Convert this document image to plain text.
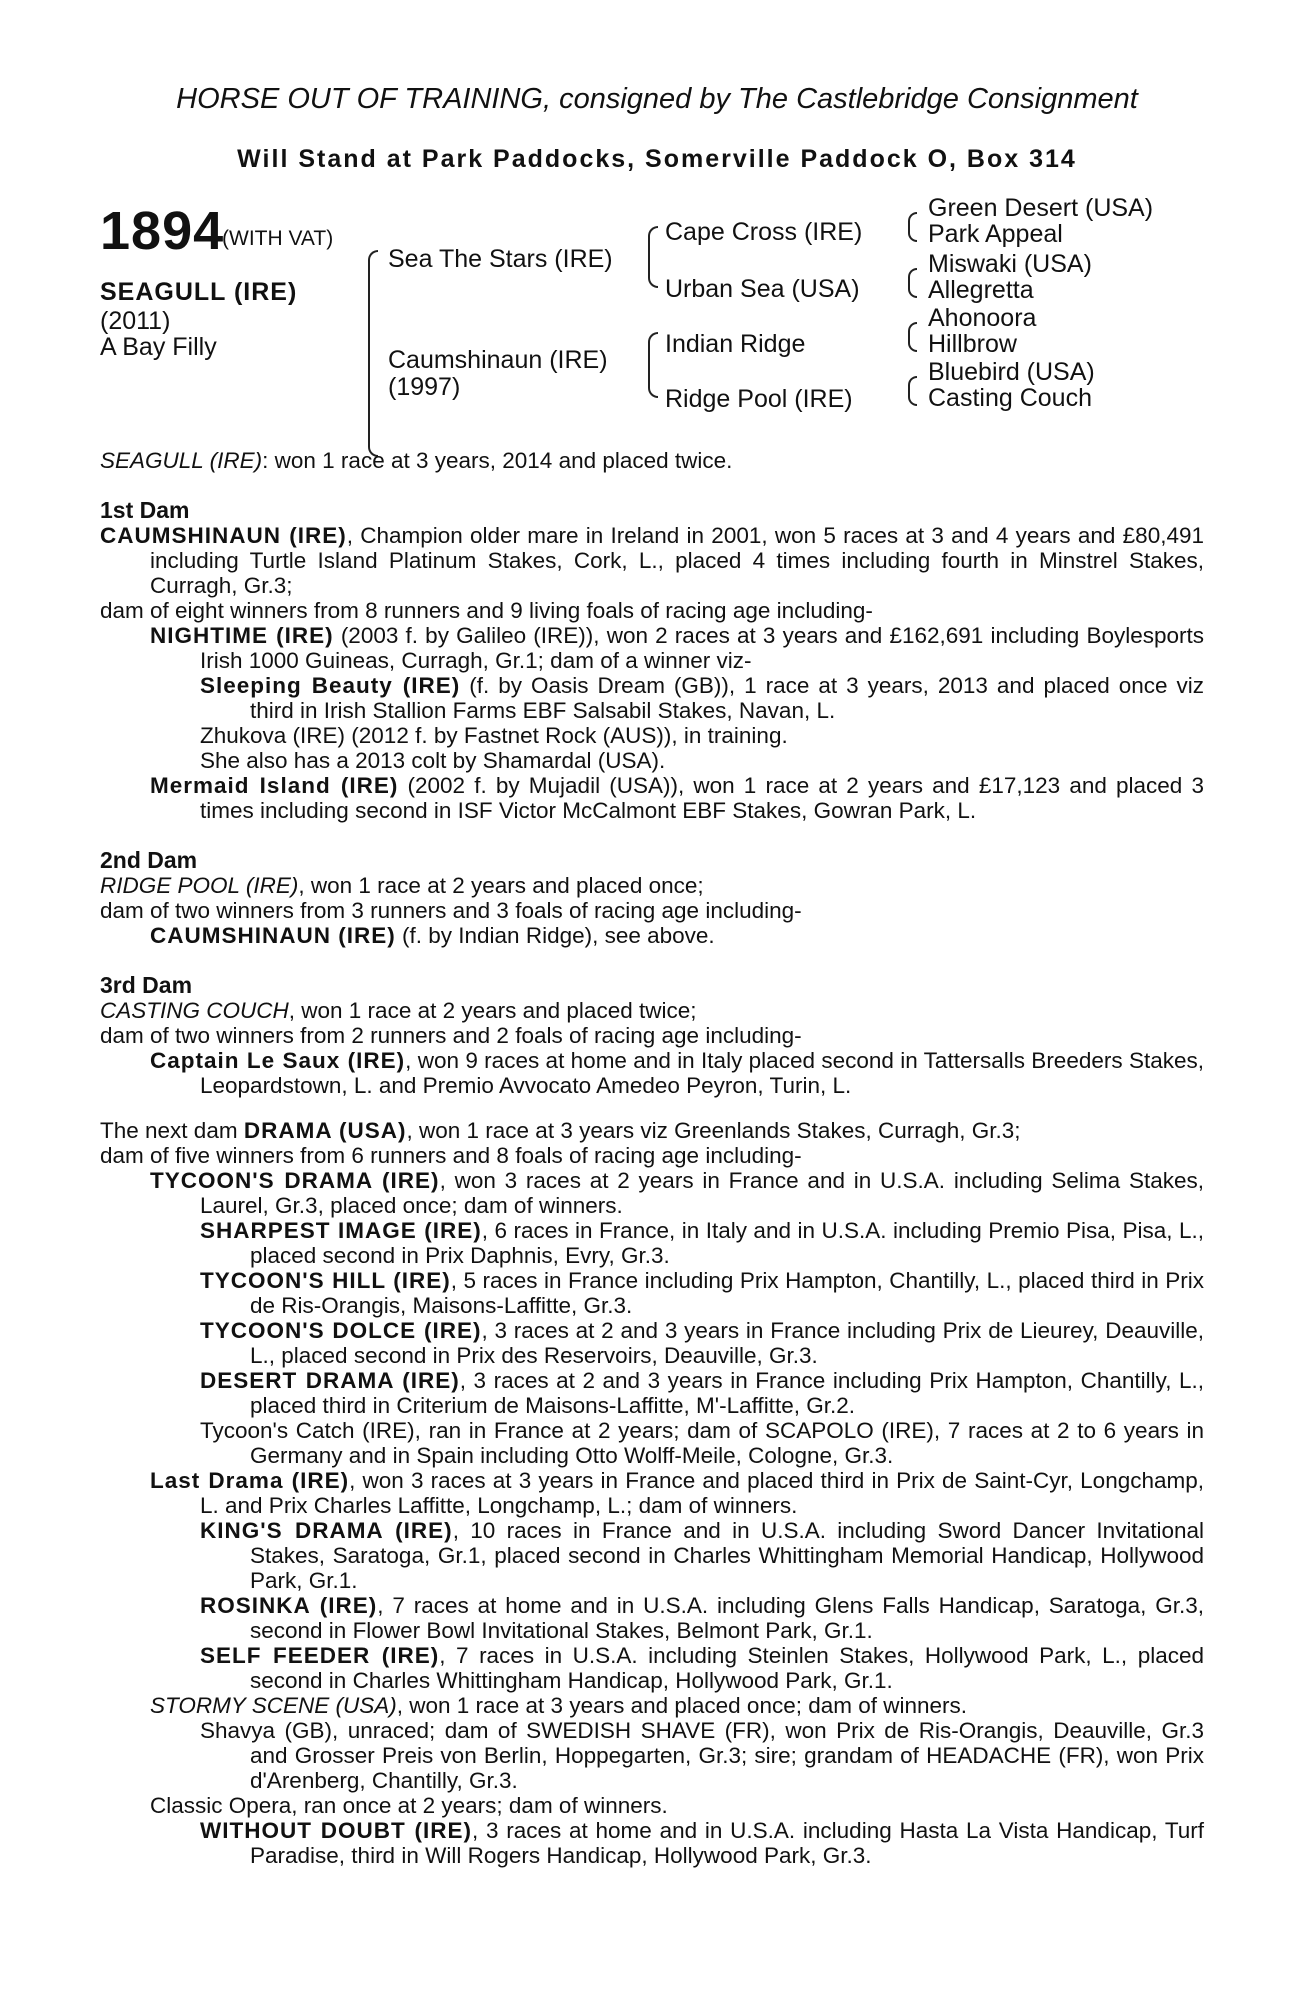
HORSE OUT OF TRAINING, consigned by The Castlebridge Consignment
Will Stand at Park Paddocks, Somerville Paddock O, Box 314
1894
(WITH VAT)
SEAGULL (IRE)
(2011)
A Bay Filly
Sea The Stars (IRE)
Caumshinaun (IRE)
(1997)
Cape Cross (IRE)
Urban Sea (USA)
Indian Ridge
Ridge Pool (IRE)
Green Desert (USA)
Park Appeal
Miswaki (USA)
Allegretta
Ahonoora
Hillbrow
Bluebird (USA)
Casting Couch

SEAGULL (IRE): won 1 race at 3 years, 2014 and placed twice.

1st Dam

CAUMSHINAUN (IRE), Champion older mare in Ireland in 2001, won 5 races at 3 and 4 years and £80,491 including Turtle Island Platinum Stakes, Cork, L., placed 4 times including fourth in Minstrel Stakes, Curragh, Gr.3;

dam of eight winners from 8 runners and 9 living foals of racing age including-

NIGHTIME (IRE) (2003 f. by Galileo (IRE)), won 2 races at 3 years and £162,691 including Boylesports Irish 1000 Guineas, Curragh, Gr.1; dam of a winner viz-

Sleeping Beauty (IRE) (f. by Oasis Dream (GB)), 1 race at 3 years, 2013 and placed once viz third in Irish Stallion Farms EBF Salsabil Stakes, Navan, L.

Zhukova (IRE) (2012 f. by Fastnet Rock (AUS)), in training.

She also has a 2013 colt by Shamardal (USA).

Mermaid Island (IRE) (2002 f. by Mujadil (USA)), won 1 race at 2 years and £17,123 and placed 3 times including second in ISF Victor McCalmont EBF Stakes, Gowran Park, L.

2nd Dam

RIDGE POOL (IRE), won 1 race at 2 years and placed once;

dam of two winners from 3 runners and 3 foals of racing age including-

CAUMSHINAUN (IRE) (f. by Indian Ridge), see above.

3rd Dam

CASTING COUCH, won 1 race at 2 years and placed twice;

dam of two winners from 2 runners and 2 foals of racing age including-

Captain Le Saux (IRE), won 9 races at home and in Italy placed second in Tattersalls Breeders Stakes, Leopardstown, L. and Premio Avvocato Amedeo Peyron, Turin, L.

The next dam DRAMA (USA), won 1 race at 3 years viz Greenlands Stakes, Curragh, Gr.3;

dam of five winners from 6 runners and 8 foals of racing age including-

TYCOON'S DRAMA (IRE), won 3 races at 2 years in France and in U.S.A. including Selima Stakes, Laurel, Gr.3, placed once; dam of winners.

SHARPEST IMAGE (IRE), 6 races in France, in Italy and in U.S.A. including Premio Pisa, Pisa, L., placed second in Prix Daphnis, Evry, Gr.3.

TYCOON'S HILL (IRE), 5 races in France including Prix Hampton, Chantilly, L., placed third in Prix de Ris-Orangis, Maisons-Laffitte, Gr.3.

TYCOON'S DOLCE (IRE), 3 races at 2 and 3 years in France including Prix de Lieurey, Deauville, L., placed second in Prix des Reservoirs, Deauville, Gr.3.

DESERT DRAMA (IRE), 3 races at 2 and 3 years in France including Prix Hampton, Chantilly, L., placed third in Criterium de Maisons-Laffitte, M'-Laffitte, Gr.2.

Tycoon's Catch (IRE), ran in France at 2 years; dam of SCAPOLO (IRE), 7 races at 2 to 6 years in Germany and in Spain including Otto Wolff-Meile, Cologne, Gr.3.

Last Drama (IRE), won 3 races at 3 years in France and placed third in Prix de Saint-Cyr, Longchamp, L. and Prix Charles Laffitte, Longchamp, L.; dam of winners.

KING'S DRAMA (IRE), 10 races in France and in U.S.A. including Sword Dancer Invitational Stakes, Saratoga, Gr.1, placed second in Charles Whittingham Memorial Handicap, Hollywood Park, Gr.1.

ROSINKA (IRE), 7 races at home and in U.S.A. including Glens Falls Handicap, Saratoga, Gr.3, second in Flower Bowl Invitational Stakes, Belmont Park, Gr.1.

SELF FEEDER (IRE), 7 races in U.S.A. including Steinlen Stakes, Hollywood Park, L., placed second in Charles Whittingham Handicap, Hollywood Park, Gr.1.

STORMY SCENE (USA), won 1 race at 3 years and placed once; dam of winners.

Shavya (GB), unraced; dam of SWEDISH SHAVE (FR), won Prix de Ris-Orangis, Deauville, Gr.3 and Grosser Preis von Berlin, Hoppegarten, Gr.3; sire; grandam of HEADACHE (FR), won Prix d'Arenberg, Chantilly, Gr.3.

Classic Opera, ran once at 2 years; dam of winners.

WITHOUT DOUBT (IRE), 3 races at home and in U.S.A. including Hasta La Vista Handicap, Turf Paradise, third in Will Rogers Handicap, Hollywood Park, Gr.3.
